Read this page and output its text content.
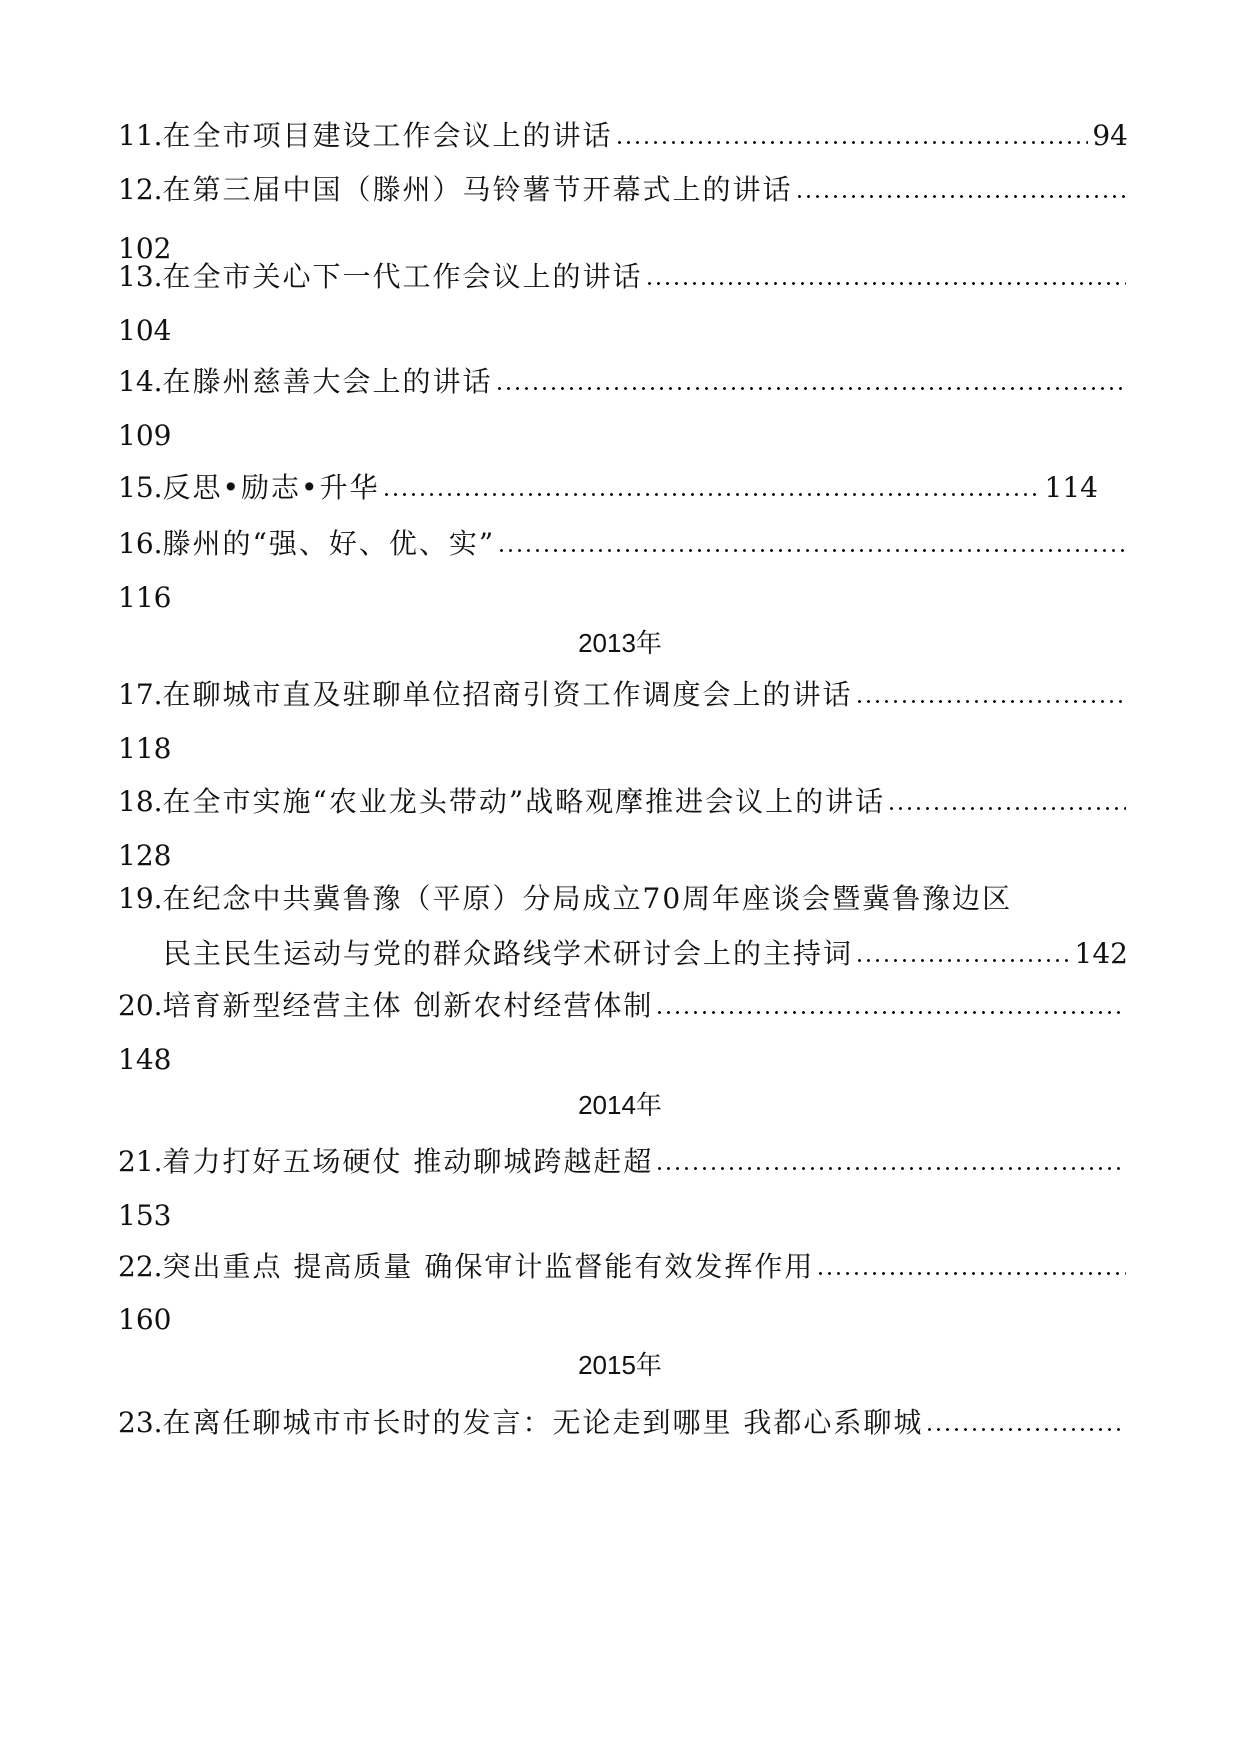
11. 在全市项目建设工作会议上的讲话	94
12. 在第三届中国（滕州）马铃薯节开幕式上的讲话
102
13. 在全市关心下一代工作会议上的讲话
104
14. 在滕州慈善大会上的讲话
109
15. 反思•励志•升华	114
16. 滕州的“强、好、优、实”
116
2013年
17. 在聊城市直及驻聊单位招商引资工作调度会上的讲话
118
18. 在全市实施“农业龙头带动”战略观摩推进会议上的讲话
128
19. 在纪念中共冀鲁豫（平原）分局成立70周年座谈会暨冀鲁豫边区
民主民生运动与党的群众路线学术研讨会上的主持词	142
20. 培育新型经营主体 创新农村经营体制
148
2014年
21. 着力打好五场硬仗 推动聊城跨越赶超
153
22. 突出重点 提高质量 确保审计监督能有效发挥作用
160
2015年
23. 在离任聊城市市长时的发言：无论走到哪里 我都心系聊城
